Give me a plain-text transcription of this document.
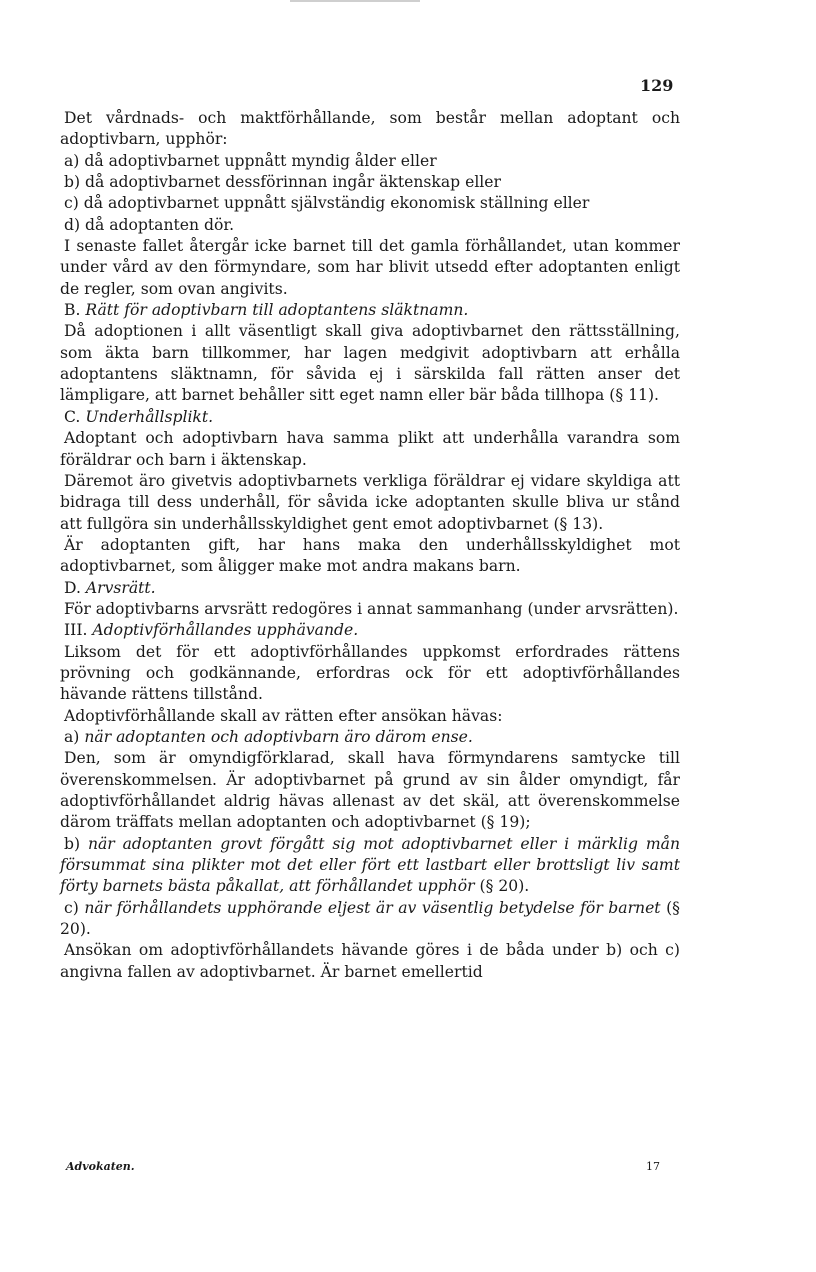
129

Det vårdnads- och maktförhållande, som består mellan adoptant och adoptivbarn, upphör:

a) då adoptivbarnet uppnått myndig ålder eller

b) då adoptivbarnet dessförinnan ingår äktenskap eller

c) då adoptivbarnet uppnått självständig ekonomisk ställning eller

d) då adoptanten dör.

I senaste fallet återgår icke barnet till det gamla förhållandet, utan kommer under vård av den förmyndare, som har blivit utsedd efter adoptanten enligt de regler, som ovan angivits.

B. Rätt för adoptivbarn till adoptantens släktnamn.

Då adoptionen i allt väsentligt skall giva adoptivbarnet den rättsställning, som äkta barn tillkommer, har lagen medgivit adoptivbarn att erhålla adoptantens släktnamn, för såvida ej i särskilda fall rätten anser det lämpligare, att barnet behåller sitt eget namn eller bär båda tillhopa (§ 11).

C. Underhållsplikt.

Adoptant och adoptivbarn hava samma plikt att underhålla varandra som föräldrar och barn i äktenskap.

Däremot äro givetvis adoptivbarnets verkliga föräldrar ej vidare skyldiga att bidraga till dess underhåll, för såvida icke adoptanten skulle bliva ur stånd att fullgöra sin underhållsskyldighet gent emot adoptivbarnet (§ 13).

Är adoptanten gift, har hans maka den underhållsskyldighet mot adoptivbarnet, som åligger make mot andra makans barn.

D. Arvsrätt.

För adoptivbarns arvsrätt redogöres i annat sammanhang (under arvsrätten).

III. Adoptivförhållandes upphävande.

Liksom det för ett adoptivförhållandes uppkomst erfordrades rättens prövning och godkännande, erfordras ock för ett adoptivförhållandes hävande rättens tillstånd.

Adoptivförhållande skall av rätten efter ansökan hävas:

a) när adoptanten och adoptivbarn äro därom ense.

Den, som är omyndigförklarad, skall hava förmyndarens samtycke till överenskommelsen. Är adoptivbarnet på grund av sin ålder omyndigt, får adoptivförhållandet aldrig hävas allenast av det skäl, att överenskommelse därom träffats mellan adoptanten och adoptivbarnet (§ 19);

b) när adoptanten grovt förgått sig mot adoptivbarnet eller i märklig mån försummat sina plikter mot det eller fört ett lastbart eller brottsligt liv samt förty barnets bästa påkallat, att förhållandet upphör (§ 20).

c) när förhållandets upphörande eljest är av väsentlig betydelse för barnet (§ 20).

Ansökan om adoptivförhållandets hävande göres i de båda under b) och c) angivna fallen av adoptivbarnet. Är barnet emellertid

Advokaten.	17
